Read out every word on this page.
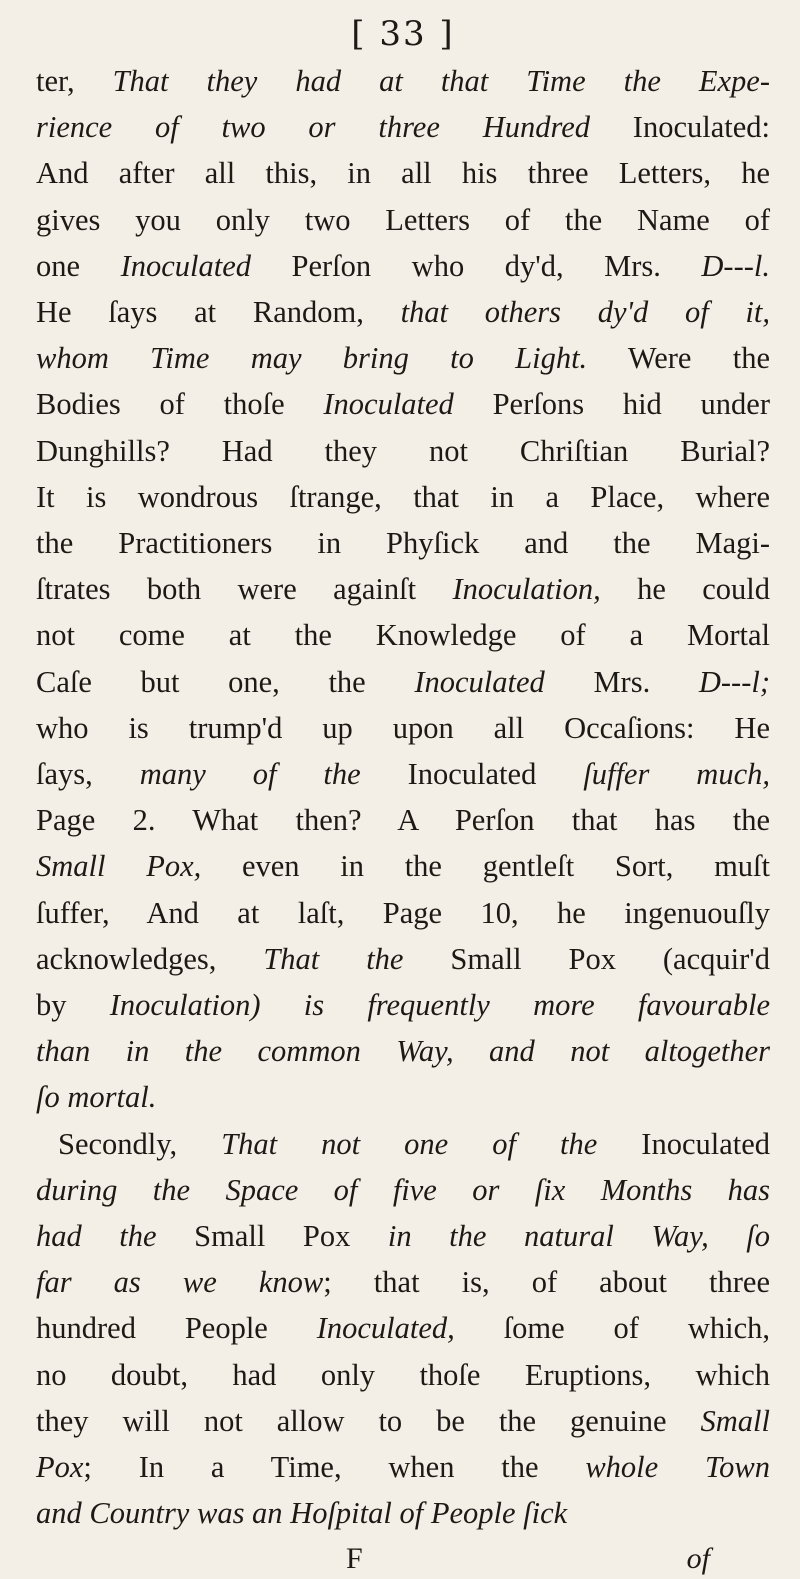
[ 33 ]
ter, That they had at that Time the Expe-
rience of two or three Hundred Inoculated:
And after all this, in all his three Letters, he
gives you only two Letters of the Name of
one Inoculated Perſon who dy'd, Mrs. D---l.
He ſays at Random, that others dy'd of it,
whom Time may bring to Light. Were the
Bodies of thoſe Inoculated Perſons hid under
Dunghills? Had they not Chriſtian Burial?
It is wondrous ſtrange, that in a Place, where
the Practitioners in Phyſick and the Magi-
ſtrates both were againſt Inoculation, he could
not come at the Knowledge of a Mortal
Caſe but one, the Inoculated Mrs. D---l;
who is trump'd up upon all Occaſions: He
ſays, many of the Inoculated ſuffer much,
Page 2. What then? A Perſon that has the
Small Pox, even in the gentleſt Sort, muſt
ſuffer, And at laſt, Page 10, he ingenuouſly
acknowledges, That the Small Pox (acquir'd
by Inoculation) is frequently more favourable
than in the common Way, and not altogether
ſo mortal.
Secondly, That not one of the Inoculated
during the Space of five or ſix Months has
had the Small Pox in the natural Way, ſo
far as we know; that is, of about three
hundred People Inoculated, ſome of which,
no doubt, had only thoſe Eruptions, which
they will not allow to be the genuine Small
Pox; In a Time, when the whole Town
and Country was an Hoſpital of People ſick
F	of
